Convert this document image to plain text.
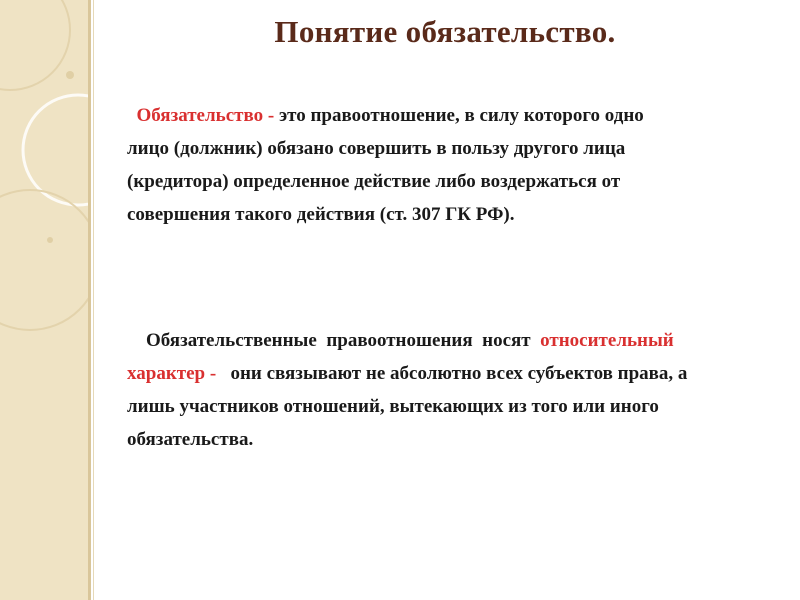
Понятие обязательство.
Обязательство - это правоотношение, в силу которого одно
лицо (должник) обязано совершить в пользу другого лица
(кредитора) определенное действие либо воздержаться от
совершения такого действия (ст. 307 ГК РФ).
Обязательственные  правоотношения  носят  относительный
характер -   они связывают не абсолютно всех субъектов права, а
лишь участников отношений, вытекающих из того или иного
обязательства.
